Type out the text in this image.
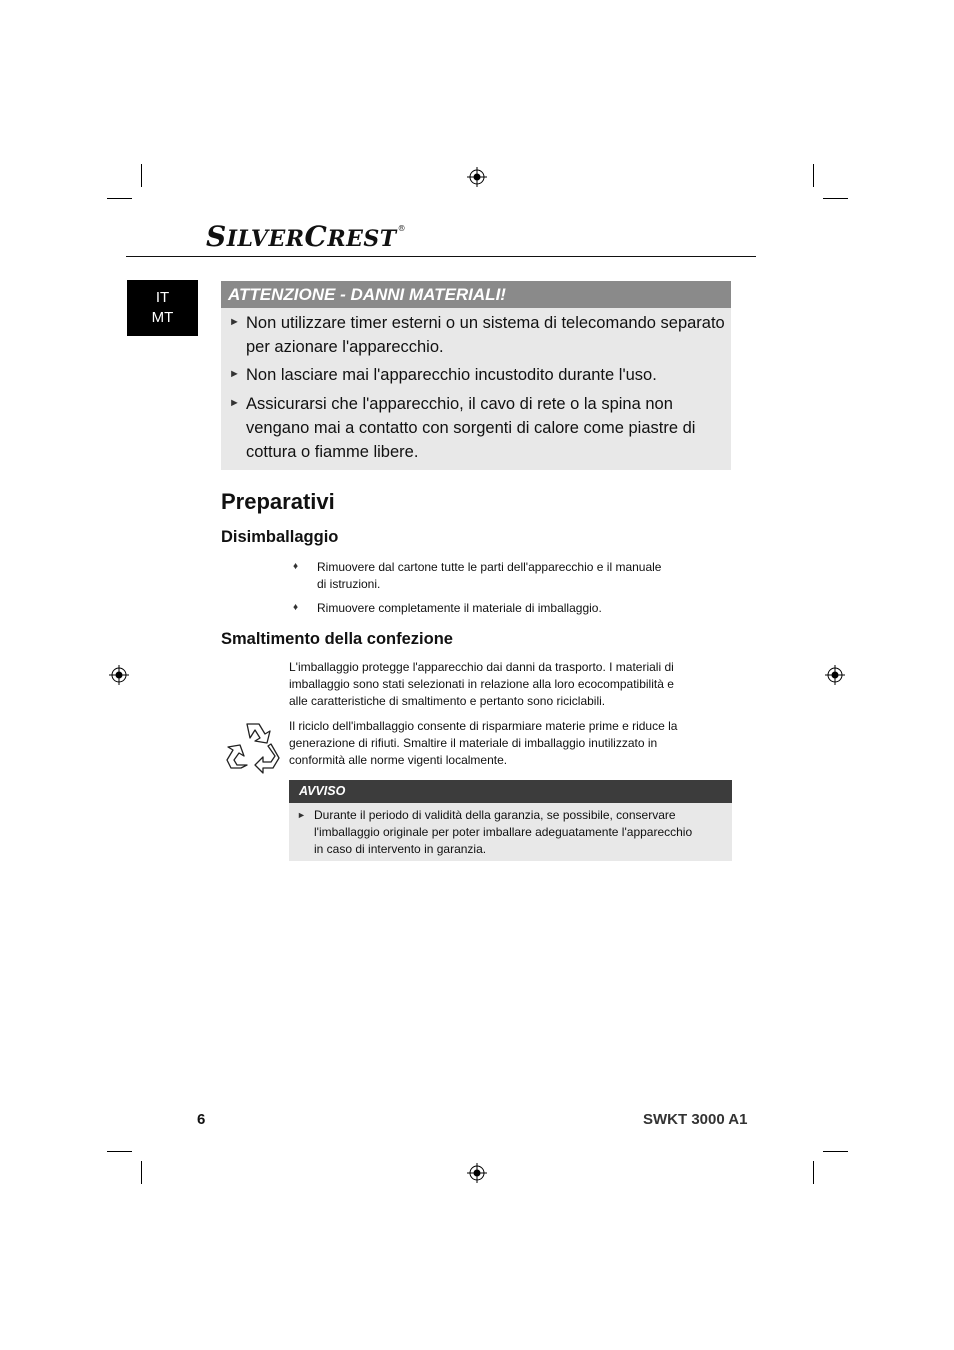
SILVERCREST®
IT
MT
ATTENZIONE - DANNI MATERIALI!
► Non utilizzare timer esterni o un sistema di telecomando separato
per azionare l'apparecchio.
► Non lasciare mai l'apparecchio incustodito durante l'uso.
► Assicurarsi che l'apparecchio, il cavo di rete o la spina non
vengano mai a contatto con sorgenti di calore come piastre di
cottura o fiamme libere.
Preparativi
Disimballaggio
♦ Rimuovere dal cartone tutte le parti dell'apparecchio e il manuale
di istruzioni.
♦ Rimuovere completamente il materiale di imballaggio.
Smaltimento della confezione
L'imballaggio protegge l'apparecchio dai danni da trasporto. I materiali di
imballaggio sono stati selezionati in relazione alla loro ecocompatibilità e
alle caratteristiche di smaltimento e pertanto sono riciclabili.
Il riciclo dell'imballaggio consente di risparmiare materie prime e riduce la
generazione di rifiuti. Smaltire il materiale di imballaggio inutilizzato in
conformità alle norme vigenti localmente.
AVVISO
► Durante il periodo di validità della garanzia, se possibile, conservare
l'imballaggio originale per poter imballare adeguatamente l'apparecchio
in caso di intervento in garanzia.
6	SWKT 3000 A1
